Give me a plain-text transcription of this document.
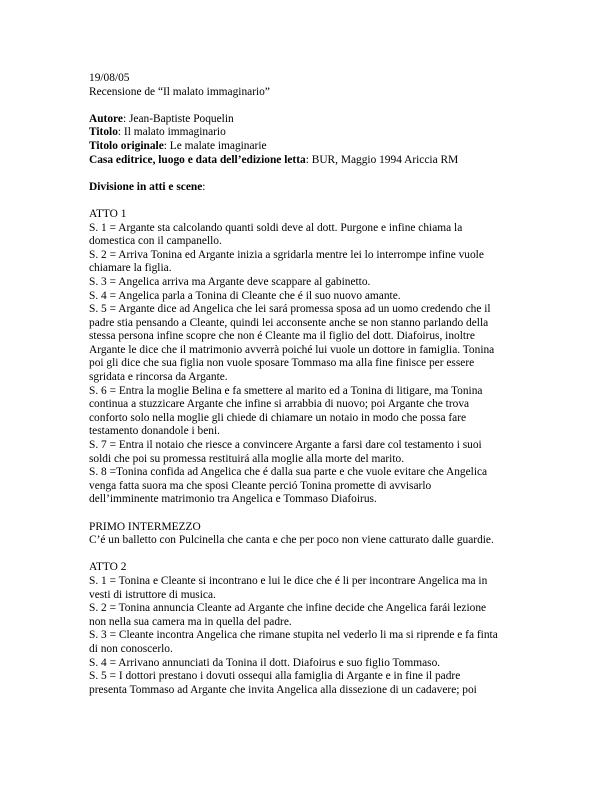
19/08/05
Recensione de “Il malato immaginario”
Autore: Jean-Baptiste Poquelin
Titolo: Il malato immaginario
Titolo originale: Le malate imaginarie
Casa editrice, luogo e data dell’edizione letta: BUR, Maggio 1994 Ariccia RM
Divisione in atti e scene:
ATTO 1
S. 1 = Argante sta calcolando quanti soldi deve al dott. Purgone e infine chiama la
domestica con il campanello.
S. 2 = Arriva Tonina ed Argante inizia a sgridarla mentre lei lo interrompe infine vuole
chiamare la figlia.
S. 3 = Angelica arriva ma Argante deve scappare al gabinetto.
S. 4 = Angelica parla a Tonina di Cleante che é il suo nuovo amante.
S. 5 = Argante dice ad Angelica che lei sará promessa sposa ad un uomo credendo che il
padre stia pensando a Cleante, quindi lei acconsente anche se non stanno parlando della
stessa persona infine scopre che non é Cleante ma il figlio del dott. Diafoirus, inoltre
Argante le dice che il matrimonio avverrà poiché lui vuole un dottore in famiglia. Tonina
poi gli dice che sua figlia non vuole sposare Tommaso ma alla fine finisce per essere
sgridata e rincorsa da Argante.
S. 6 = Entra la moglie Belina e fa smettere al marito ed a Tonina di litigare, ma Tonina
continua a stuzzicare Argante che infine si arrabbia di nuovo; poi Argante che trova
conforto solo nella moglie gli chiede di chiamare un notaio in modo che possa fare
testamento donandole i beni.
S. 7 = Entra il notaio che riesce a convincere Argante a farsi dare col testamento i suoi
soldi che poi su promessa restituirá alla moglie alla morte del marito.
S. 8 =Tonina confida ad Angelica che é dalla sua parte e che vuole evitare che Angelica
venga fatta suora ma che sposi Cleante perció Tonina promette di avvisarlo
dell’imminente matrimonio tra Angelica e Tommaso Diafoirus.
PRIMO INTERMEZZO
C’é un balletto con Pulcinella che canta e che per poco non viene catturato dalle guardie.
ATTO 2
S. 1 = Tonina e Cleante si incontrano e lui le dice che é li per incontrare Angelica ma in
vesti di istruttore di musica.
S. 2 = Tonina annuncia Cleante ad Argante che infine decide che Angelica farái lezione
non nella sua camera ma in quella del padre.
S. 3 = Cleante incontra Angelica che rimane stupita nel vederlo li ma si riprende e fa finta
di non conoscerlo.
S. 4 = Arrivano annunciati da Tonina il dott. Diafoirus e suo figlio Tommaso.
S. 5 = I dottori prestano i dovuti ossequi alla famiglia di Argante e in fine il padre
presenta Tommaso ad Argante che invita Angelica alla dissezione di un cadavere; poi
